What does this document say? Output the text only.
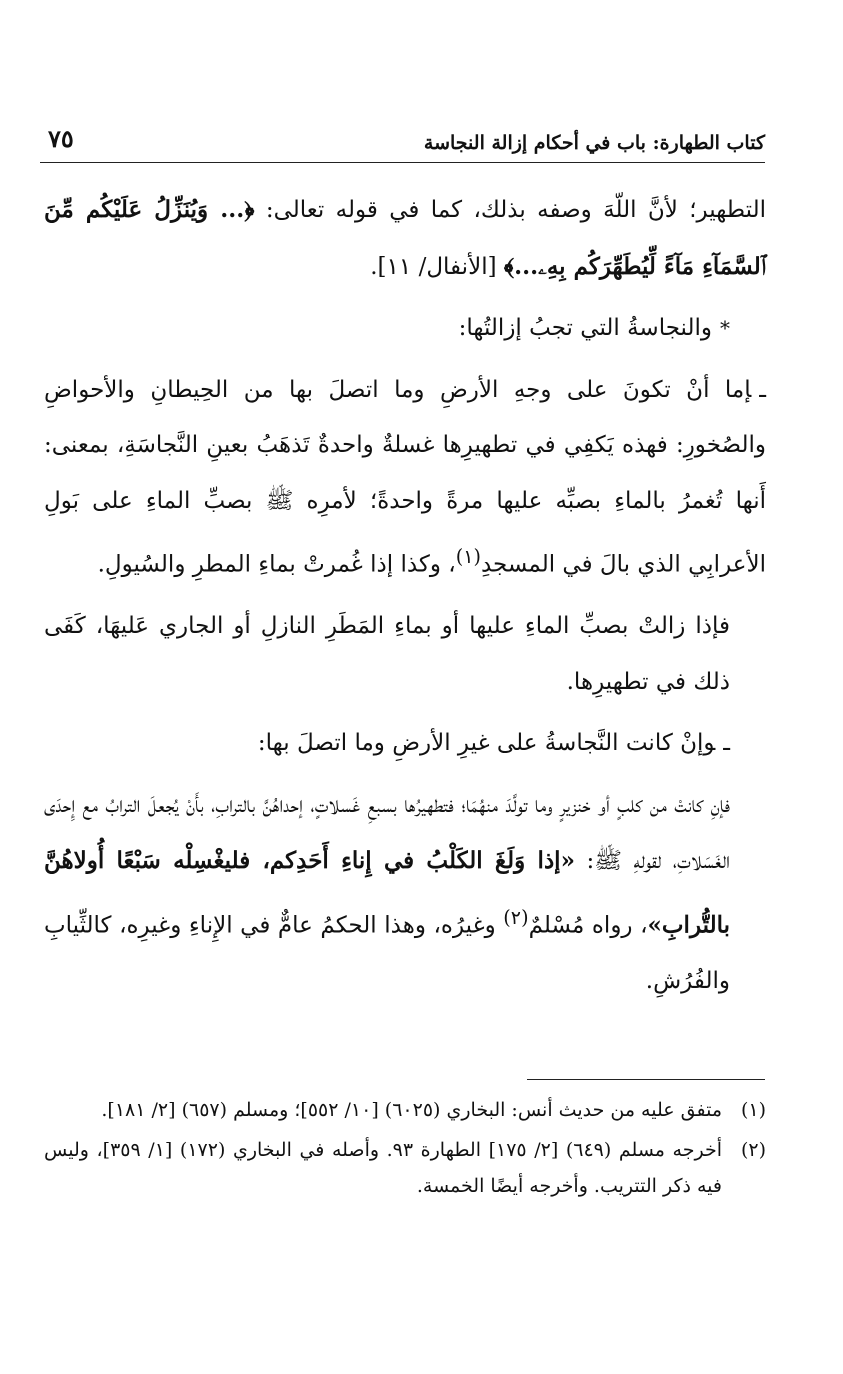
كتاب الطهارة: باب في أحكام إزالة النجاسة
٧٥

التطهير؛ لأنَّ اللّهَ وصفه بذلك، كما في قوله تعالى: ﴿... وَيُنَزِّلُ عَلَيْكُم مِّنَ ٱلسَّمَآءِ مَآءً لِّيُطَهِّرَكُم بِهِۦ...﴾ [الأنفال/ ١١].

*والنجاسةُ التي تجبُ إزالتُها:

ـإما أنْ تكونَ على وجهِ الأرضِ وما اتصلَ بها من الحِيطانِ والأحواضِ والصُخورِ: فهذه يَكفِي في تطهيرِها غسلةٌ واحدةٌ تَذهَبُ بعينِ النَّجاسَةِ، بمعنى: أَنها تُغمرُ بالماءِ بصبِّه عليها مرةً واحدةً؛ لأمرِه ﷺ بصبِّ الماءِ على بَولِ الأعرابِي الذي بالَ في المسجدِ$^{(١)}$، وكذا إذا غُمرتْ بماءِ المطرِ والسُيولِ.

فإذا زالتْ بصبِّ الماءِ عليها أو بماءِ المَطَرِ النازلِ أو الجاري عَليهَا، كَفَى ذلك في تطهيرِها.

ـوإنْ كانت النَّجاسةُ على غيرِ الأرضِ وما اتصلَ بها:

فإنِ كانتْ من كلبٍ أو خنزيرٍ وما تولَّدَ منهُمَا؛ فتطهيرُها بسبعِ غَسلاتٍ، إحداهُنَّ بالترابِ، بأَنْ يُجعلَ الترابُ مع إِحدَى الغَسَلاتِ، لقولهِ ﷺ: «إذا وَلَغَ الكَلْبُ في إِناءِ أَحَدِكم، فليغْسِلْه سَبْعًا أُولاهُنَّ بالتُّرابِ»، رواه مُسْلمٌ$^{(٢)}$ وغيرُه، وهذا الحكمُ عامٌّ في الإِناءِ وغيرِه، كالثِّيابِ والفُرُشِ.

(١)
متفق عليه من حديث أنس: البخاري (٦٠٢٥) [١٠/ ٥٥٢]؛ ومسلم (٦٥٧) [٢/ ١٨١].

(٢)
أخرجه مسلم (٦٤٩) [٢/ ١٧٥] الطهارة ٩٣. وأصله في البخاري (١٧٢) [١/ ٣٥٩]، وليس فيه ذكر التتريب. وأخرجه أيضًا الخمسة.
